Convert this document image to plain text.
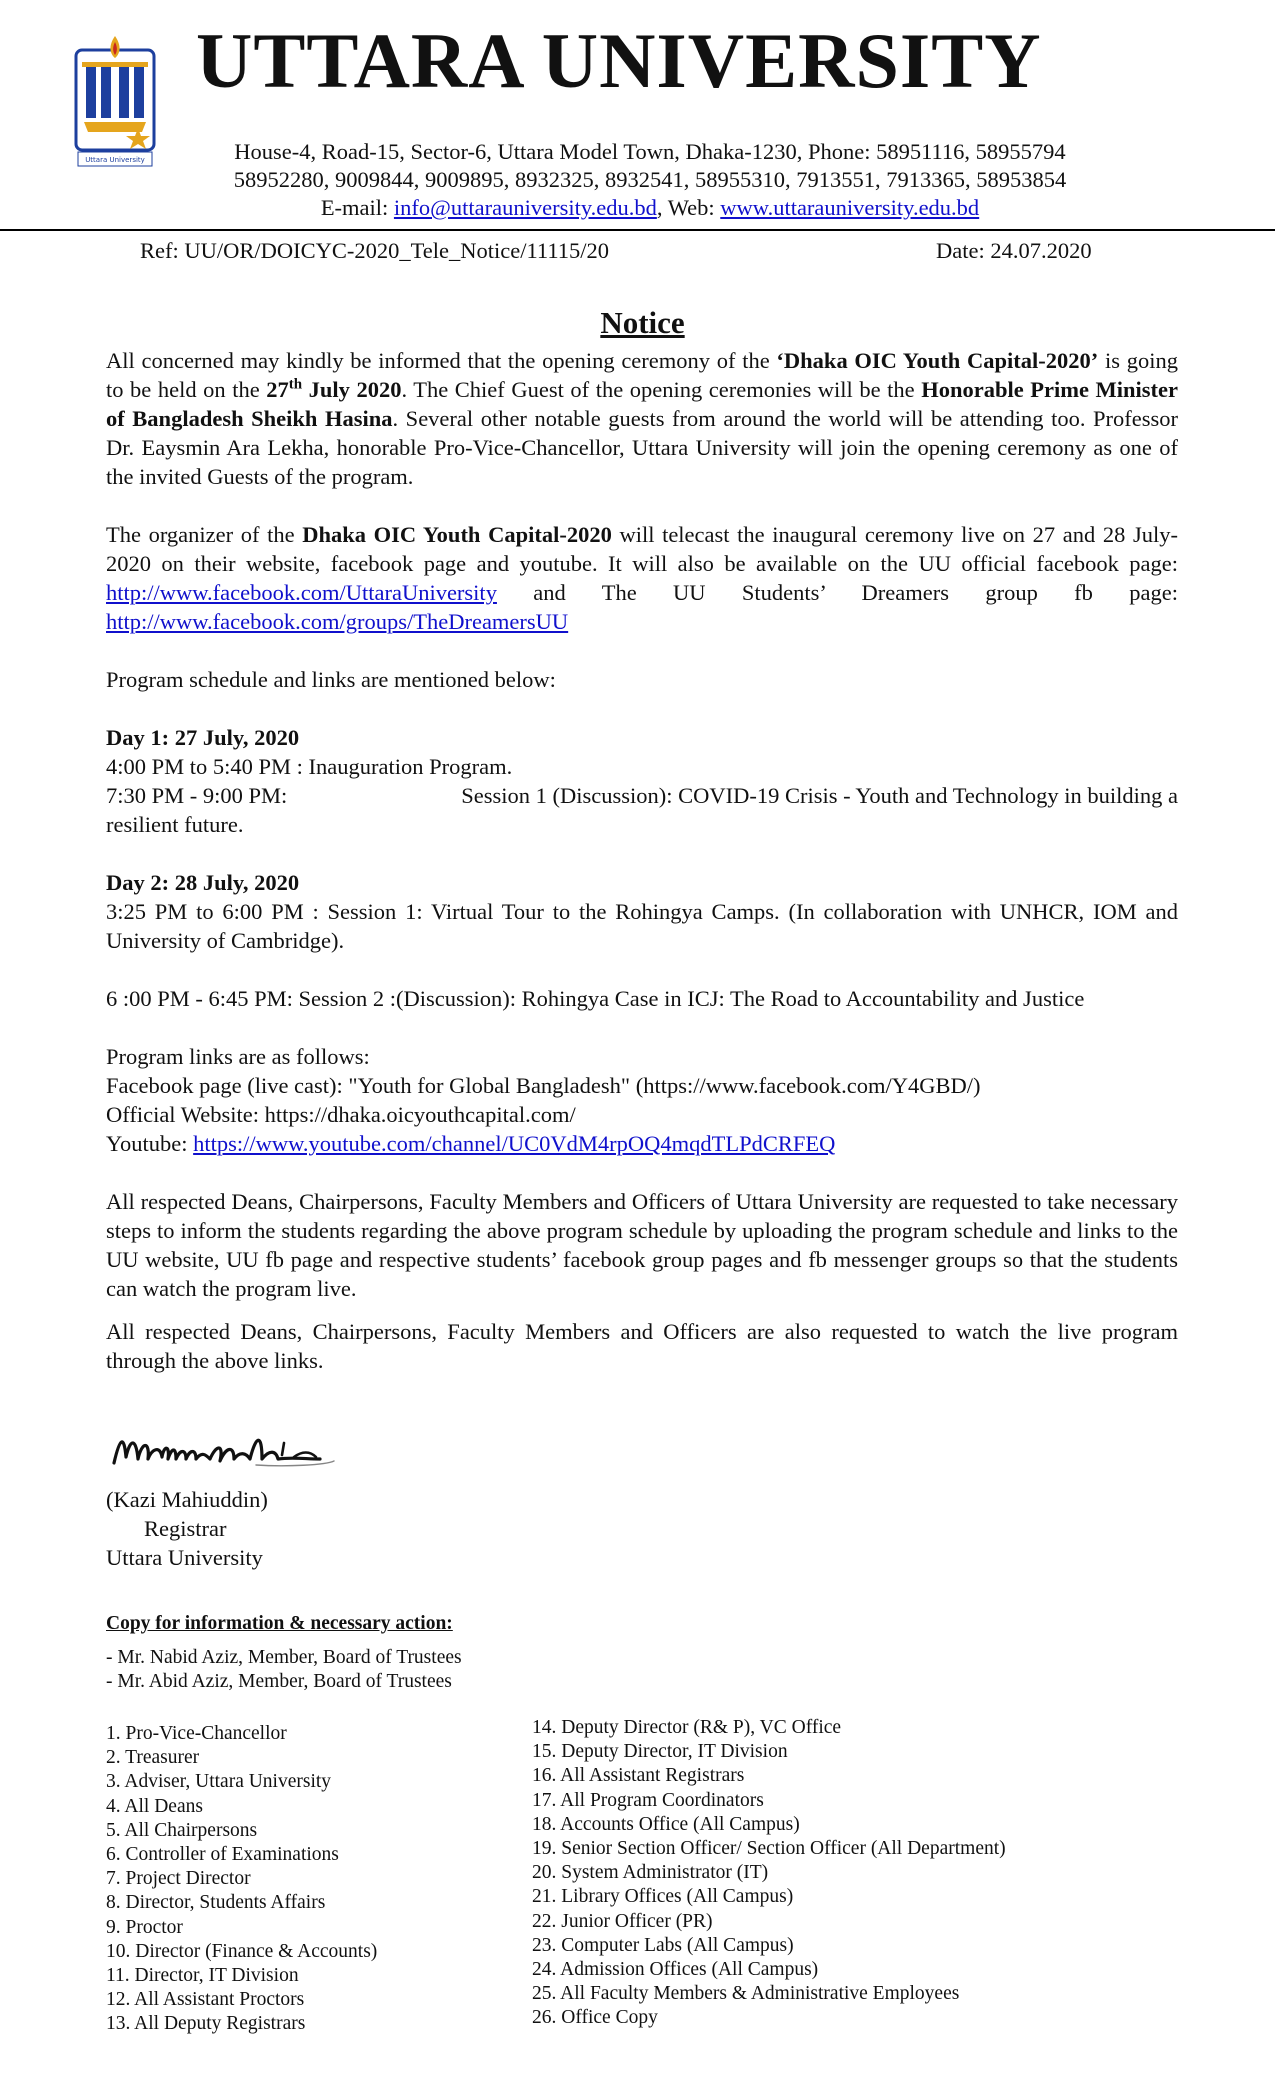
Uttara University
UTTARA UNIVERSITY
House-4, Road-15, Sector-6, Uttara Model Town, Dhaka-1230, Phone: 58951116, 58955794
58952280, 9009844, 9009895, 8932325, 8932541, 58955310, 7913551, 7913365, 58953854
E-mail: info@uttarauniversity.edu.bd, Web: www.uttarauniversity.edu.bd
Ref: UU/OR/DOICYC-2020_Tele_Notice/11115/20	Date: 24.07.2020
Notice

All concerned may kindly be informed that the opening ceremony of the ‘Dhaka OIC Youth Capital-2020’ is going to be held on the 27th July 2020. The Chief Guest of the opening ceremonies will be the Honorable Prime Minister of Bangladesh Sheikh Hasina. Several other notable guests from around the world will be attending too. Professor Dr. Eaysmin Ara Lekha, honorable Pro-Vice-Chancellor, Uttara University will join the opening ceremony as one of the invited Guests of the program.

The organizer of the Dhaka OIC Youth Capital-2020 will telecast the inaugural ceremony live on 27 and 28 July-2020 on their website, facebook page and youtube. It will also be available on the UU official facebook page: http://www.facebook.com/UttaraUniversity and The UU Students’ Dreamers group fb page: http://www.facebook.com/groups/TheDreamersUU

Program schedule and links are mentioned below:

Day 1: 27 July, 2020

4:00 PM to 5:40 PM : Inauguration Program.

7:30 PM - 9:00 PM:	Session 1 (Discussion): COVID-19 Crisis - Youth and Technology in building a

resilient future.

Day 2: 28 July, 2020

3:25 PM to 6:00 PM : Session 1: Virtual Tour to the Rohingya Camps. (In collaboration with UNHCR, IOM and University of Cambridge).

6 :00 PM - 6:45 PM: Session 2 :(Discussion): Rohingya Case in ICJ: The Road to Accountability and Justice

Program links are as follows:

Facebook page (live cast): "Youth for Global Bangladesh" (https://www.facebook.com/Y4GBD/)

Official Website: https://dhaka.oicyouthcapital.com/

Youtube: https://www.youtube.com/channel/UC0VdM4rpOQ4mqdTLPdCRFEQ

All respected Deans, Chairpersons, Faculty Members and Officers of Uttara University are requested to take necessary steps to inform the students regarding the above program schedule by uploading the program schedule and links to the UU website, UU fb page and respective students’ facebook group pages and fb messenger groups so that the students can watch the program live.

All respected Deans, Chairpersons, Faculty Members and Officers are also requested to watch the live program through the above links.

(Kazi Mahiuddin)

Registrar

Uttara University

Copy for information & necessary action:
- Mr. Nabid Aziz, Member, Board of Trustees
- Mr. Abid Aziz, Member, Board of Trustees
1. Pro-Vice-Chancellor
2. Treasurer
3. Adviser, Uttara University
4. All Deans
5. All Chairpersons
6. Controller of Examinations
7. Project Director
8. Director, Students Affairs
9. Proctor
10. Director (Finance & Accounts)
11. Director, IT Division
12. All Assistant Proctors
13. All Deputy Registrars
14. Deputy Director (R& P), VC Office
15. Deputy Director, IT Division
16. All Assistant Registrars
17. All Program Coordinators
18. Accounts Office (All Campus)
19. Senior Section Officer/ Section Officer (All Department)
20. System Administrator (IT)
21. Library Offices (All Campus)
22. Junior Officer (PR)
23. Computer Labs (All Campus)
24. Admission Offices (All Campus)
25. All Faculty Members & Administrative Employees
26. Office Copy
